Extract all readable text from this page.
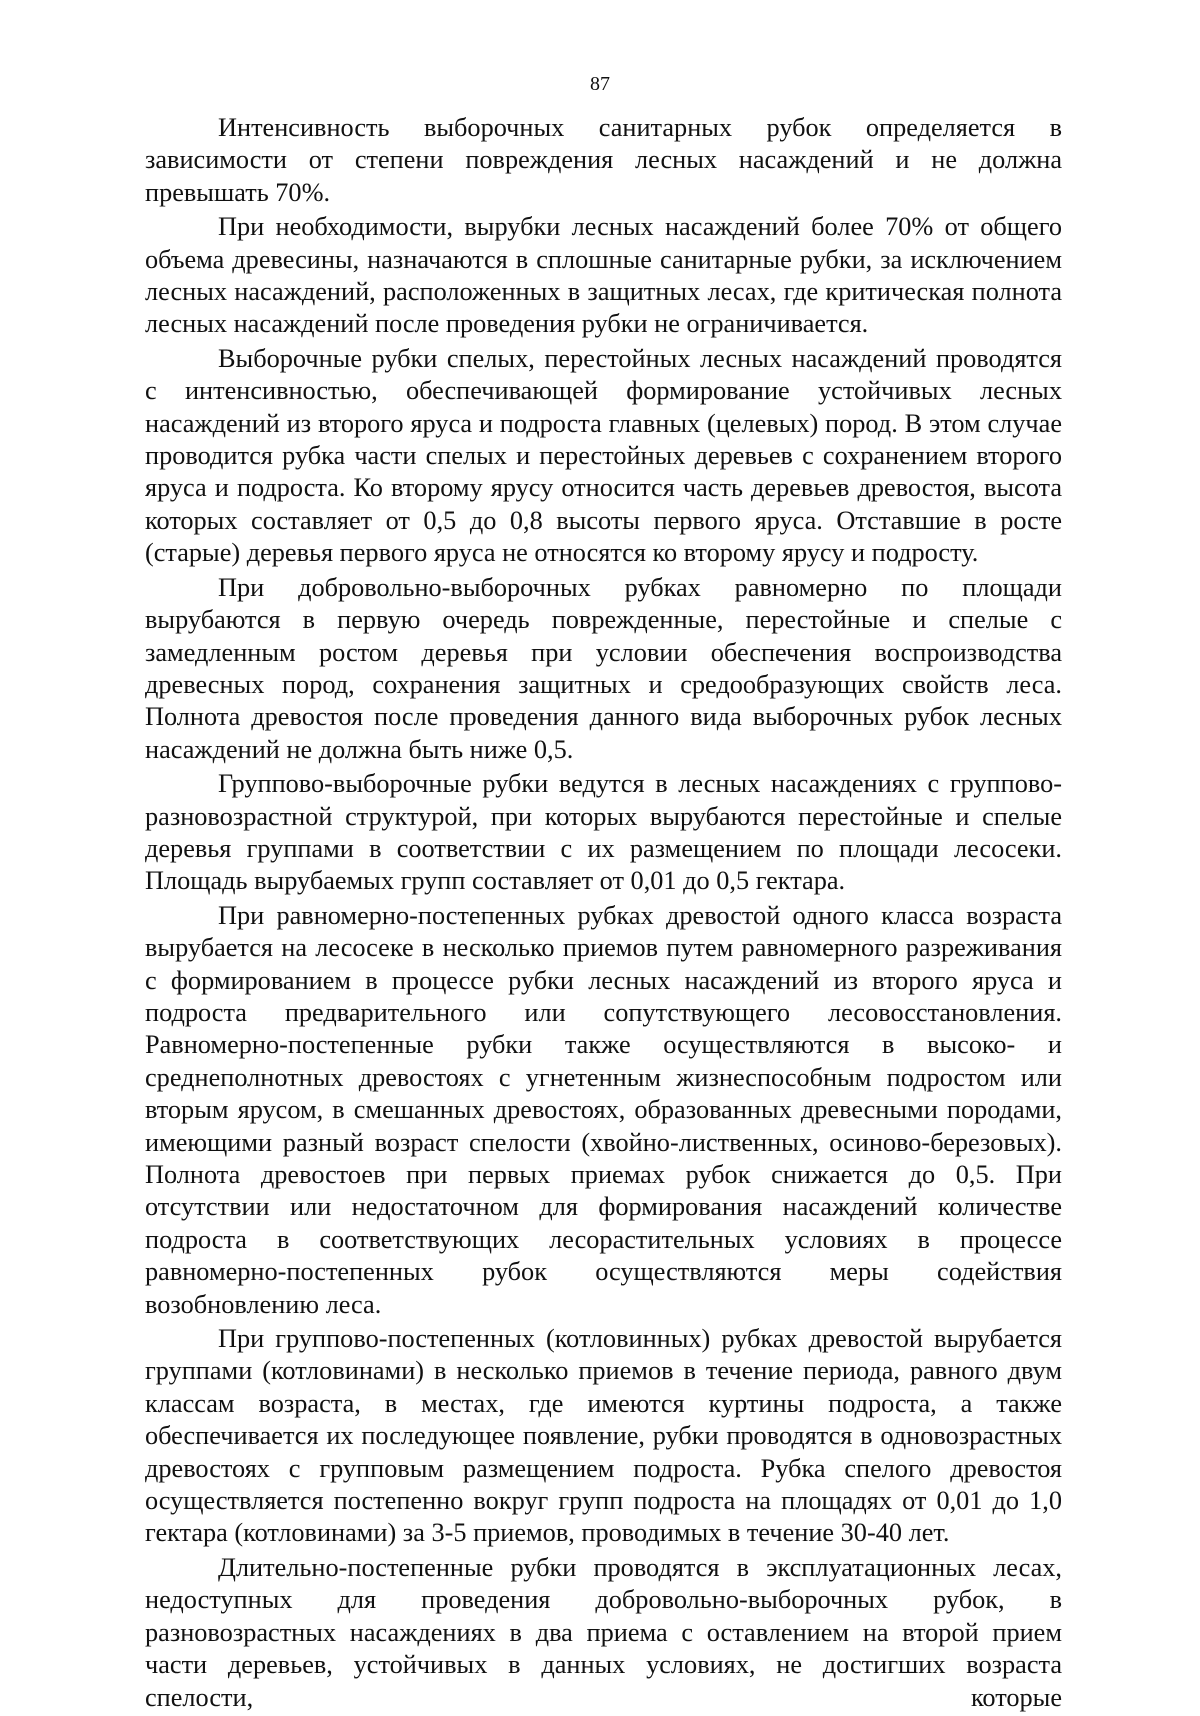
87

Интенсивность выборочных санитарных рубок определяется в зависимости от степени повреждения лесных насаждений и не должна превышать 70%.

При необходимости, вырубки лесных насаждений более 70% от общего объема древесины, назначаются в сплошные санитарные рубки, за исключением лесных насаждений, расположенных в защитных лесах, где критическая полнота лесных насаждений после проведения рубки не ограничивается.

Выборочные рубки спелых, перестойных лесных насаждений проводятся с интенсивностью, обеспечивающей формирование устойчивых лесных насаждений из второго яруса и подроста главных (целевых) пород. В этом случае проводится рубка части спелых и перестойных деревьев с сохранением второго яруса и подроста. Ко второму ярусу относится часть деревьев древостоя, высота которых составляет от 0,5 до 0,8 высоты первого яруса. Отставшие в росте (старые) деревья первого яруса не относятся ко второму ярусу и подросту.

При добровольно-выборочных рубках равномерно по площади вырубаются в первую очередь поврежденные, перестойные и спелые с замедленным ростом деревья при условии обеспечения воспроизводства древесных пород, сохранения защитных и средообразующих свойств леса. Полнота древостоя после проведения данного вида выборочных рубок лесных насаждений не должна быть ниже 0,5.

Группово-выборочные рубки ведутся в лесных насаждениях с группово-разновозрастной структурой, при которых вырубаются перестойные и спелые деревья группами в соответствии с их размещением по площади лесосеки. Площадь вырубаемых групп составляет от 0,01 до 0,5 гектара.

При равномерно-постепенных рубках древостой одного класса возраста вырубается на лесосеке в несколько приемов путем равномерного разреживания с формированием в процессе рубки лесных насаждений из второго яруса и подроста предварительного или сопутствующего лесовосстановления. Равномерно-постепенные рубки также осуществляются в высоко- и среднеполнотных древостоях с угнетенным жизнеспособным подростом или вторым ярусом, в смешанных древостоях, образованных древесными породами, имеющими разный возраст спелости (хвойно-лиственных, осиново-березовых). Полнота древостоев при первых приемах рубок снижается до 0,5. При отсутствии или недостаточном для формирования насаждений количестве подроста в соответствующих лесорастительных условиях в процессе равномерно-постепенных рубок осуществляются меры содействия возобновлению леса.

При группово-постепенных (котловинных) рубках древостой вырубается группами (котловинами) в несколько приемов в течение периода, равного двум классам возраста, в местах, где имеются куртины подроста, а также обеспечивается их последующее появление, рубки проводятся в одновозрастных древостоях с групповым размещением подроста. Рубка спелого древостоя осуществляется постепенно вокруг групп подроста на площадях от 0,01 до 1,0 гектара (котловинами) за 3-5 приемов, проводимых в течение 30-40 лет.

Длительно-постепенные рубки проводятся в эксплуатационных лесах, недоступных для проведения добровольно-выборочных рубок, в разновозрастных насаждениях в два приема с оставлением на второй прием части деревьев, устойчивых в данных условиях, не достигших возраста спелости, которые
